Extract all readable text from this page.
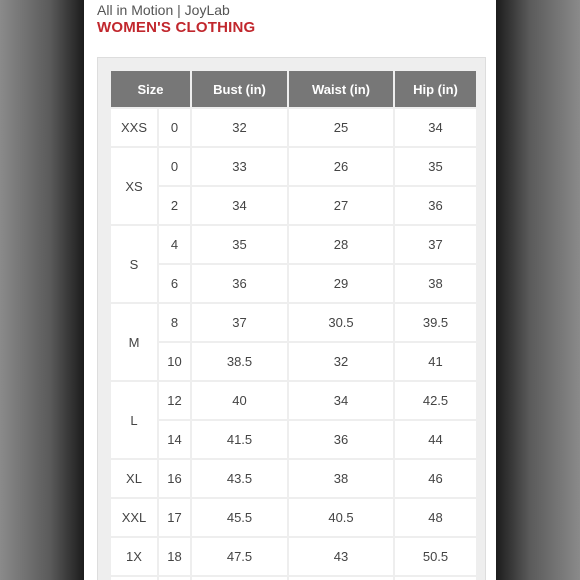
All in Motion | JoyLab
WOMEN'S CLOTHING
Size		Bust (in)	Waist (in)	Hip (in)
XXS	0	32	25	34
XS	0	33	26	35
	2	34	27	36
S	4	35	28	37
	6	36	29	38
M	8	37	30.5	39.5
	10	38.5	32	41
L	12	40	34	42.5
	14	41.5	36	44
XL	16	43.5	38	46
XXL	17	45.5	40.5	48
1X	18	47.5	43	50.5
